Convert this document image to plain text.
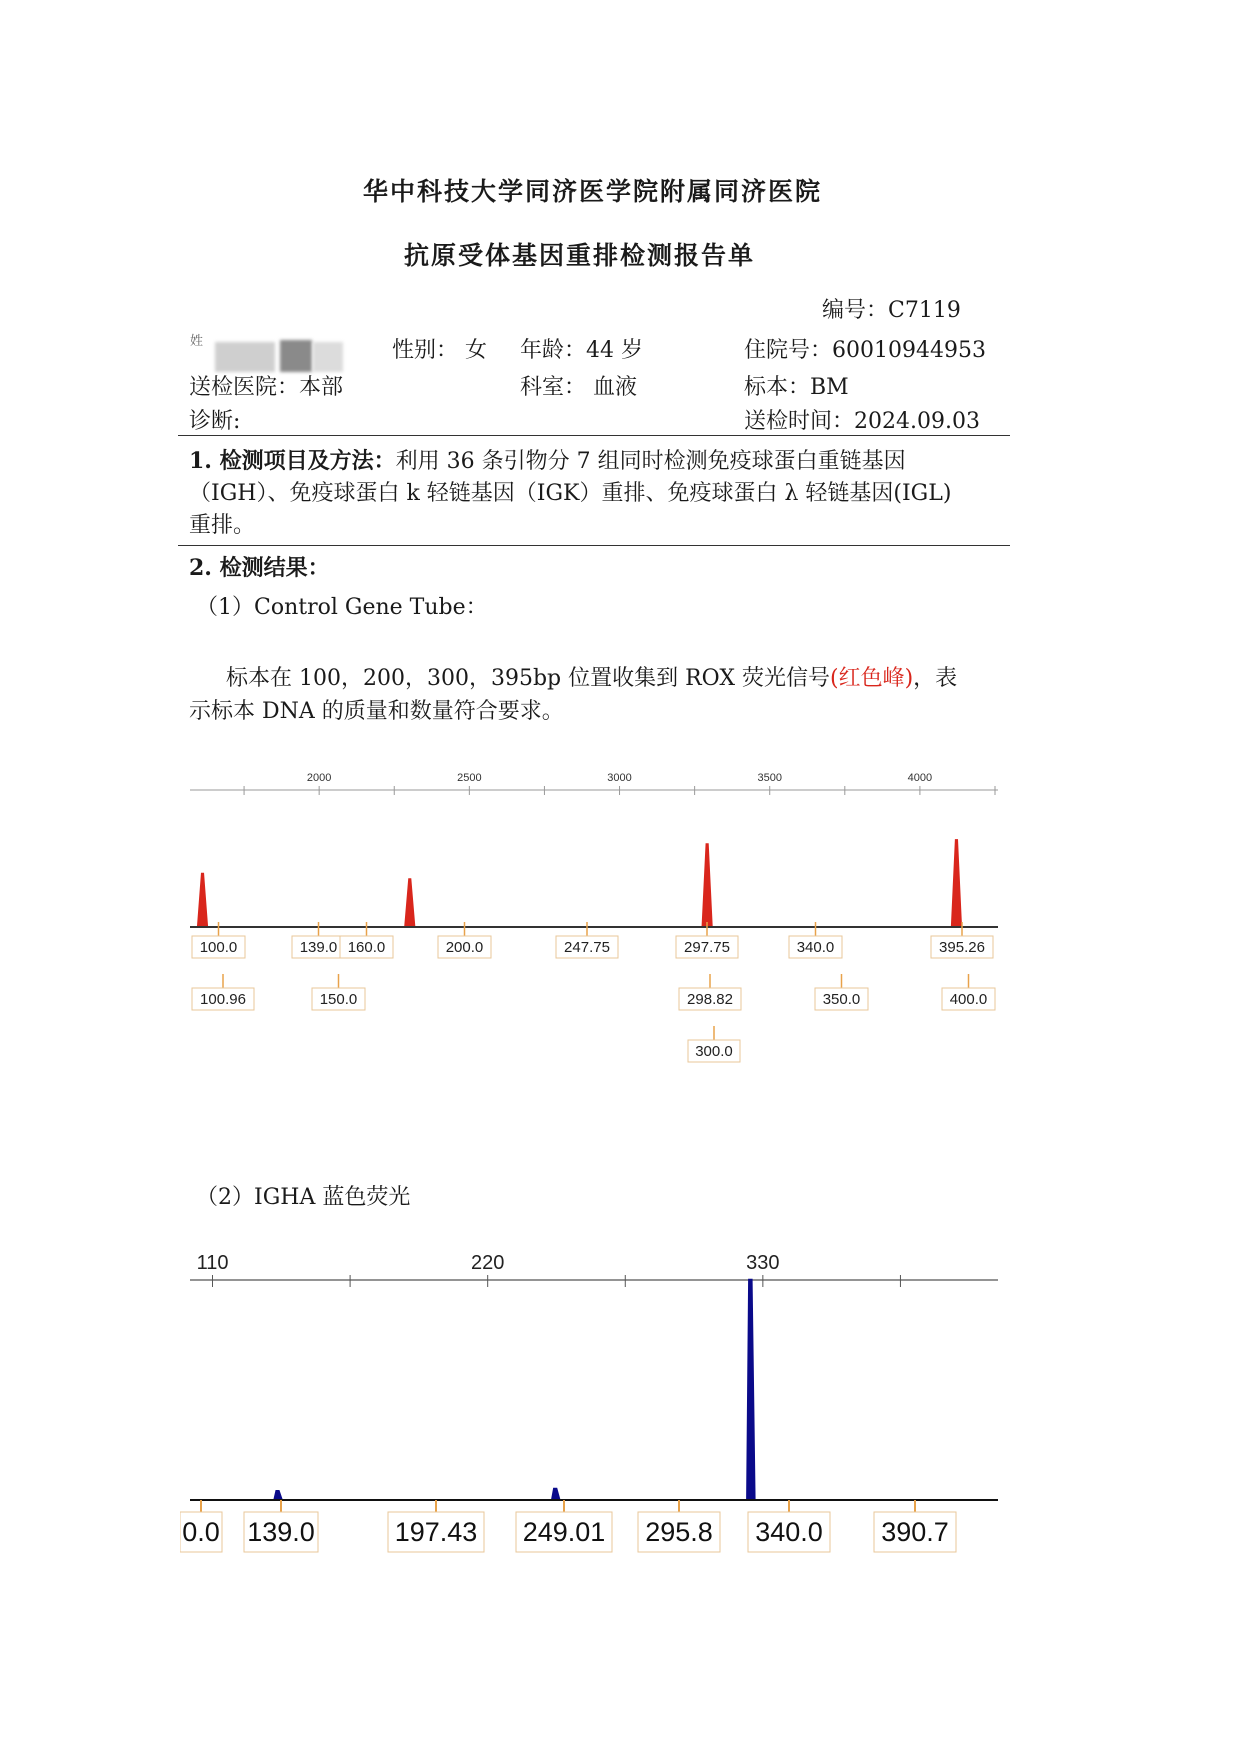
华中科技大学同济医学院附属同济医院
抗原受体基因重排检测报告单
编号：C7119
姓	性别： 女 年龄：44 岁	住院号：60010944953
送检医院：本部	科室： 血液	标本：BM
诊断:	送检时间：2024.09.03
1. 检测项目及方法：利用 36 条引物分 7 组同时检测免疫球蛋白重链基因
（IGH）、免疫球蛋白 k 轻链基因（IGK）重排、免疫球蛋白 λ 轻链基因(IGL)
重排。
2. 检测结果：
（1）Control Gene Tube：
标本在 100，200，300，395bp 位置收集到 ROX 荧光信号(红色峰)，表
示标本 DNA 的质量和数量符合要求。
2000	2500	3000	3500	4000
100.0	139.0 160.0	200.0	247.75	297.75	340.0	395.26
100.96	150.0	298.82	350.0	400.0
300.0
（2）IGHA 蓝色荧光
110	220	330
0.0 139.0	197.43 249.01 295.8 340.0 390.7
